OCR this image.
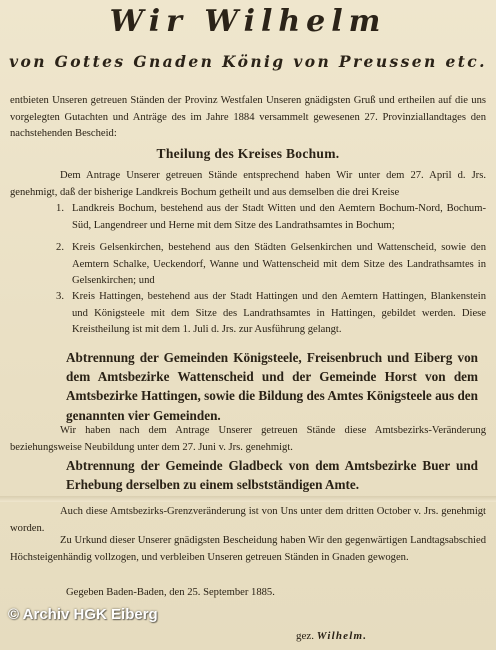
Wir Wilhelm
von Gottes Gnaden König von Preussen etc.
entbieten Unseren getreuen Ständen der Provinz Westfalen Unseren gnädigsten Gruß und ertheilen auf die uns vorgelegten Gutachten und Anträge des im Jahre 1884 versammelt gewesenen 27. Provinziallandtages den nachstehenden Bescheid:
Theilung des Kreises Bochum.
Dem Antrage Unserer getreuen Stände entsprechend haben Wir unter dem 27. April d. Jrs. genehmigt, daß der bisherige Landkreis Bochum getheilt und aus demselben die drei Kreise
1. Landkreis Bochum, bestehend aus der Stadt Witten und den Aemtern Bochum-Nord, Bochum-Süd, Langendreer und Herne mit dem Sitze des Landrathsamtes in Bochum;
2. Kreis Gelsenkirchen, bestehend aus den Städten Gelsenkirchen und Wattenscheid, sowie den Aemtern Schalke, Ueckendorf, Wanne und Wattenscheid mit dem Sitze des Landrathsamtes in Gelsenkirchen; und
3. Kreis Hattingen, bestehend aus der Stadt Hattingen und den Aemtern Hattingen, Blankenstein und Königsteele mit dem Sitze des Landrathsamtes in Hattingen, gebildet werden. Diese Kreistheilung ist mit dem 1. Juli d. Jrs. zur Ausführung gelangt.
Abtrennung der Gemeinden Königsteele, Freisenbruch und Eiberg von dem Amtsbezirke Wattenscheid und der Gemeinde Horst von dem Amtsbezirke Hattingen, sowie die Bildung des Amtes Königsteele aus den genannten vier Gemeinden.
Wir haben nach dem Antrage Unserer getreuen Stände diese Amtsbezirks-Veränderung beziehungsweise Neubildung unter dem 27. Juni v. Jrs. genehmigt.
Abtrennung der Gemeinde Gladbeck von dem Amtsbezirke Buer und Erhebung derselben zu einem selbstständigen Amte.
Auch diese Amtsbezirks-Grenzveränderung ist von Uns unter dem dritten October v. Jrs. genehmigt worden.
Zu Urkund dieser Unserer gnädigsten Bescheidung haben Wir den gegenwärtigen Landtagsabschied Höchsteigenhändig vollzogen, und verbleiben Unseren getreuen Ständen in Gnaden gewogen.
Gegeben Baden-Baden, den 25. September 1885.
© Archiv HGK Eiberg
gez. Wilhelm.
